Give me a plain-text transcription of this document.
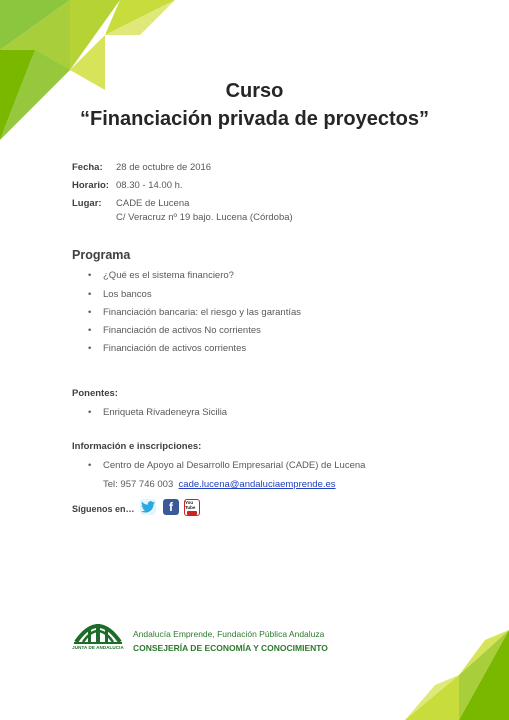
Curso
“Financiación privada de proyectos”
Fecha: 28 de octubre de 2016
Horario: 08.30 - 14.00 h.
Lugar: CADE de Lucena
C/ Veracruz nº 19 bajo. Lucena (Córdoba)
Programa
• ¿Qué es el sistema financiero?
• Los bancos
• Financiación bancaria: el riesgo y las garantías
• Financiación de activos No corrientes
• Financiación de activos corrientes
Ponentes:
• Enriqueta Rivadeneyra Sicilia
Información e inscripciones:
• Centro de Apoyo al Desarrollo Empresarial (CADE) de Lucena
Tel: 957 746 003 cade.lucena@andaluciaemprende.es
Síguenos en…	f	You Tube
JUNTA DE ANDALUCIA
Andalucía Emprende, Fundación Pública Andaluza
CONSEJERÍA DE ECONOMÍA Y CONOCIMIENTO
